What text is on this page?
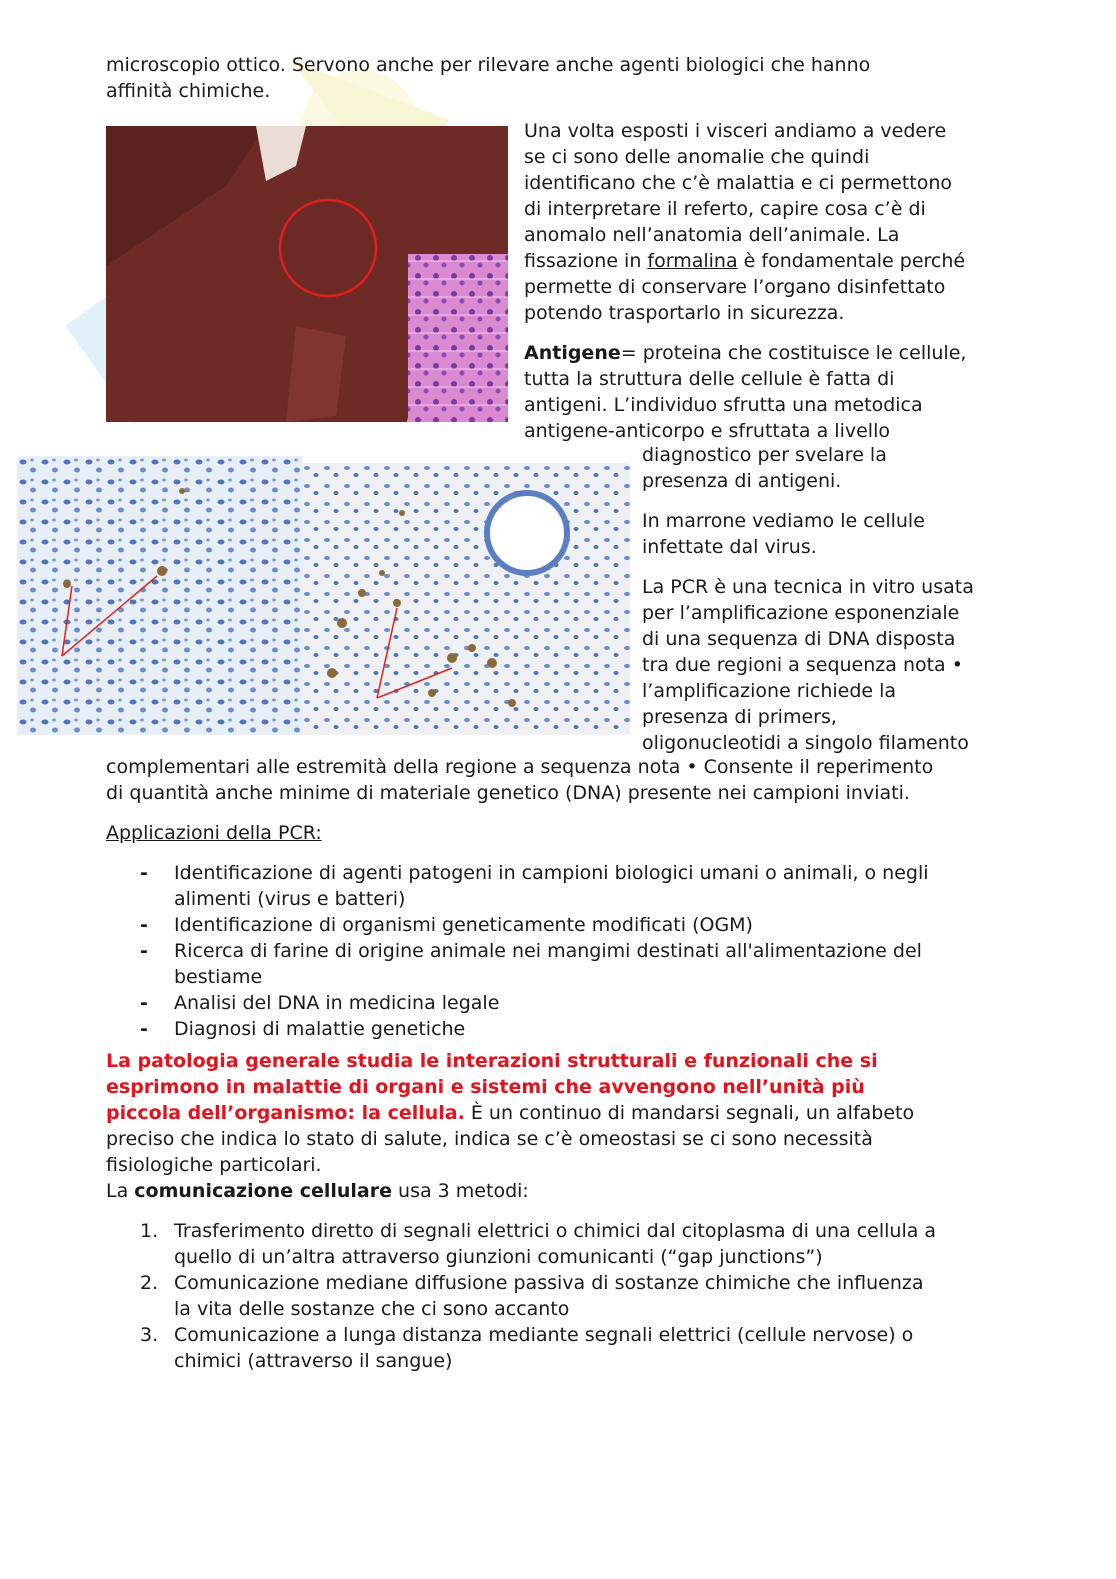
microscopio ottico. Servono anche per rilevare anche agenti biologici che hanno

affinità chimiche.

Una volta esposti i visceri andiamo a vedere

se ci sono delle anomalie che quindi

identificano che c’è malattia e ci permettono

di interpretare il referto, capire cosa c’è di

anomalo nell’anatomia dell’animale. La

fissazione in formalina è fondamentale perché

permette di conservare l’organo disinfettato

potendo trasportarlo in sicurezza.

Antigene= proteina che costituisce le cellule,

tutta la struttura delle cellule è fatta di

antigeni. L’individuo sfrutta una metodica

antigene-anticorpo e sfruttata a livello

diagnostico per svelare la

presenza di antigeni.

In marrone vediamo le cellule

infettate dal virus.

La PCR è una tecnica in vitro usata

per l’amplificazione esponenziale

di una sequenza di DNA disposta

tra due regioni a sequenza nota •

l’amplificazione richiede la

presenza di primers,

oligonucleotidi a singolo filamento

complementari alle estremità della regione a sequenza nota • Consente il reperimento

di quantità anche minime di materiale genetico (DNA) presente nei campioni inviati.

Applicazioni della PCR:

-	Identificazione di agenti patogeni in campioni biologici umani o animali, o negli

alimenti (virus e batteri)

-	Identificazione di organismi geneticamente modificati (OGM)

-	Ricerca di farine di origine animale nei mangimi destinati all'alimentazione del

bestiame

-	Analisi del DNA in medicina legale

-	Diagnosi di malattie genetiche

La patologia generale studia le interazioni strutturali e funzionali che si

esprimono in malattie di organi e sistemi che avvengono nell’unità più

piccola dell’organismo: la cellula. È un continuo di mandarsi segnali, un alfabeto

preciso che indica lo stato di salute, indica se c’è omeostasi se ci sono necessità

fisiologiche particolari.

La comunicazione cellulare usa 3 metodi:

1. Trasferimento diretto di segnali elettrici o chimici dal citoplasma di una cellula a

quello di un’altra attraverso giunzioni comunicanti (“gap junctions”)

2. Comunicazione mediane diffusione passiva di sostanze chimiche che influenza

la vita delle sostanze che ci sono accanto

3. Comunicazione a lunga distanza mediante segnali elettrici (cellule nervose) o

chimici (attraverso il sangue)
